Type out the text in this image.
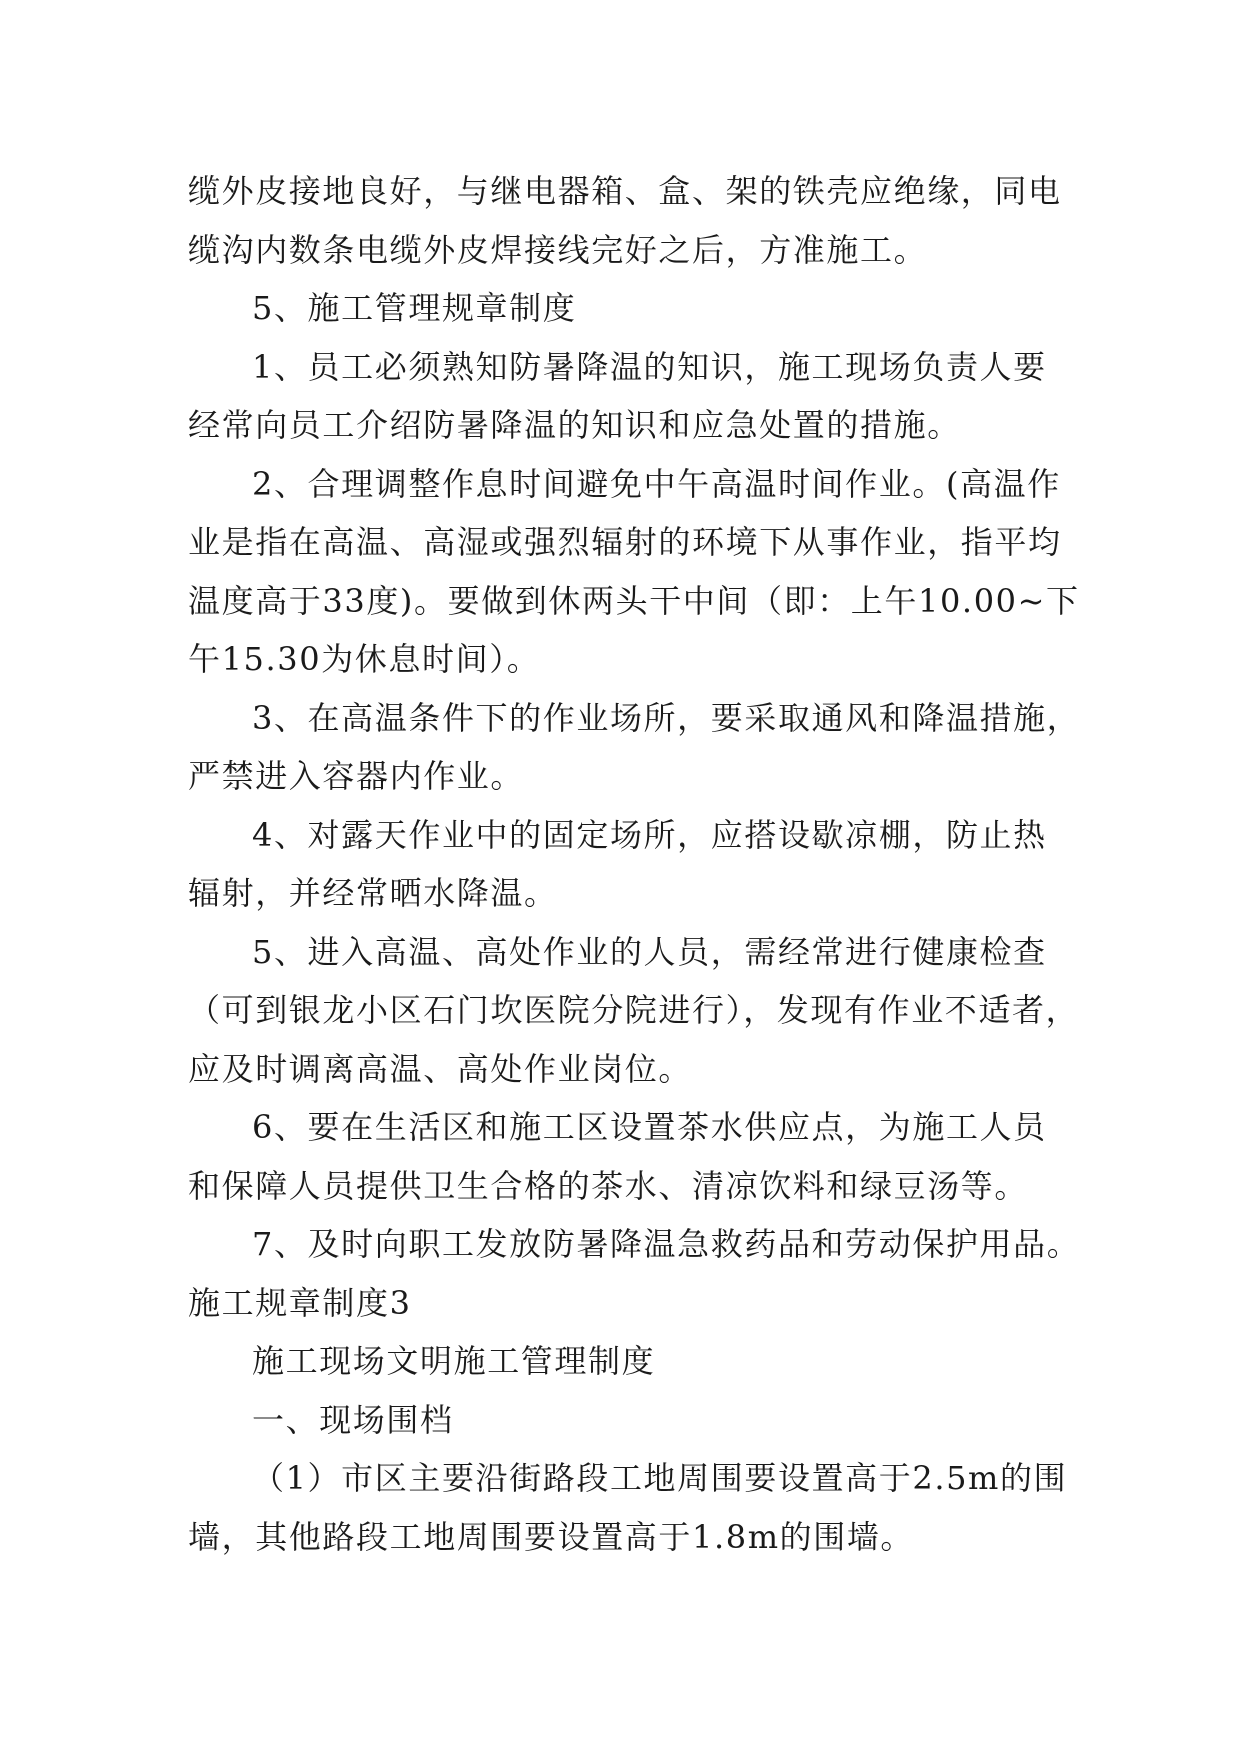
缆外皮接地良好，与继电器箱、盒、架的铁壳应绝缘，同电
缆沟内数条电缆外皮焊接线完好之后，方准施工。
5、施工管理规章制度
1、员工必须熟知防暑降温的知识，施工现场负责人要
经常向员工介绍防暑降温的知识和应急处置的措施。
2、合理调整作息时间避免中午高温时间作业。(高温作
业是指在高温、高湿或强烈辐射的环境下从事作业，指平均
温度高于33度)。要做到休两头干中间（即：上午10.00~下
午15.30为休息时间）。
3、在高温条件下的作业场所，要采取通风和降温措施，
严禁进入容器内作业。
4、对露天作业中的固定场所，应搭设歇凉棚，防止热
辐射，并经常晒水降温。
5、进入高温、高处作业的人员，需经常进行健康检查
（可到银龙小区石门坎医院分院进行），发现有作业不适者，
应及时调离高温、高处作业岗位。
6、要在生活区和施工区设置茶水供应点，为施工人员
和保障人员提供卫生合格的茶水、清凉饮料和绿豆汤等。
7、及时向职工发放防暑降温急救药品和劳动保护用品。
施工规章制度3
施工现场文明施工管理制度
一、现场围档
（1）市区主要沿街路段工地周围要设置高于2.5m的围
墙，其他路段工地周围要设置高于1.8m的围墙。
